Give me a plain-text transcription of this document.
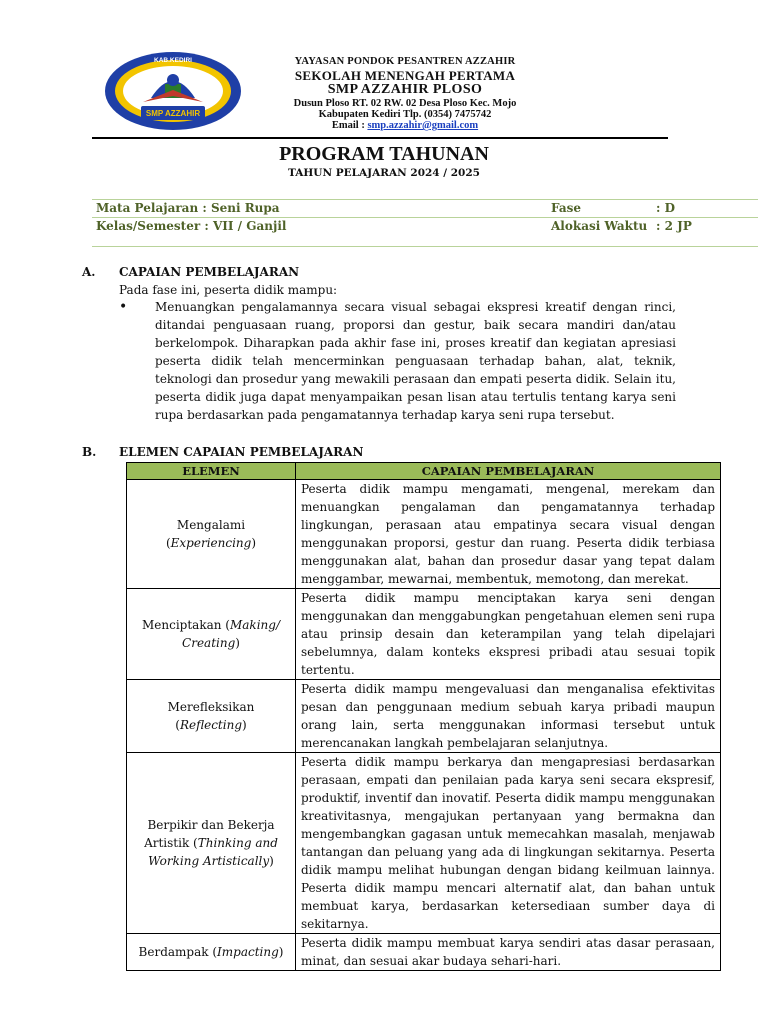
SMP AZZAHIR
KAB.KEDIRI	YAYASAN PONDOK PESANTREN AZZAHIR
SEKOLAH MENENGAH PERTAMA
SMP AZZAHIR PLOSO
Dusun Ploso RT. 02 RW. 02 Desa Ploso Kec. Mojo
Kabupaten Kediri Tlp. (0354) 7475742
Email : smp.azzahir@gmail.com
PROGRAM TAHUNAN
TAHUN PELAJARAN 2024 / 2025
Mata Pelajaran : Seni Rupa	Fase	: D
Kelas/Semester : VII / Ganjil	Alokasi Waktu : 2 JP
A. CAPAIAN PEMBELAJARAN
Pada fase ini, peserta didik mampu:
• Menuangkan pengalamannya secara visual sebagai ekspresi kreatif dengan rinci, ditandai penguasaan ruang, proporsi dan gestur, baik secara mandiri dan/atau berkelompok. Diharapkan pada akhir fase ini, proses kreatif dan kegiatan apresiasi peserta didik telah mencerminkan penguasaan terhadap bahan, alat, teknik, teknologi dan prosedur yang mewakili perasaan dan empati peserta didik. Selain itu, peserta didik juga dapat menyampaikan pesan lisan atau tertulis tentang karya seni rupa berdasarkan pada pengamatannya terhadap karya seni rupa tersebut.
B. ELEMEN CAPAIAN PEMBELAJARAN
ELEMEN	CAPAIAN PEMBELAJARAN
Mengalami
(Experiencing)	Peserta didik mampu mengamati, mengenal, merekam dan menuangkan pengalaman dan pengamatannya terhadap lingkungan, perasaan atau empatinya secara visual dengan menggunakan proporsi, gestur dan ruang. Peserta didik terbiasa menggunakan alat, bahan dan prosedur dasar yang tepat dalam menggambar, mewarnai, membentuk, memotong, dan merekat.
Menciptakan (Making/ Creating)	Peserta didik mampu menciptakan karya seni dengan menggunakan dan menggabungkan pengetahuan elemen seni rupa atau prinsip desain dan keterampilan yang telah dipelajari sebelumnya, dalam konteks ekspresi pribadi atau sesuai topik tertentu.
Merefleksikan
(Reflecting)	Peserta didik mampu mengevaluasi dan menganalisa efektivitas pesan dan penggunaan medium sebuah karya pribadi maupun orang lain, serta menggunakan informasi tersebut untuk merencanakan langkah pembelajaran selanjutnya.
Berpikir dan Bekerja Artistik (Thinking and Working Artistically)	Peserta didik mampu berkarya dan mengapresiasi berdasarkan perasaan, empati dan penilaian pada karya seni secara ekspresif, produktif, inventif dan inovatif. Peserta didik mampu menggunakan kreativitasnya, mengajukan pertanyaan yang bermakna dan mengembangkan gagasan untuk memecahkan masalah, menjawab tantangan dan peluang yang ada di lingkungan sekitarnya. Peserta didik mampu melihat hubungan dengan bidang keilmuan lainnya. Peserta didik mampu mencari alternatif alat, dan bahan untuk membuat karya, berdasarkan ketersediaan sumber daya di sekitarnya.
Berdampak (Impacting)	Peserta didik mampu membuat karya sendiri atas dasar perasaan, minat, dan sesuai akar budaya sehari-hari.
